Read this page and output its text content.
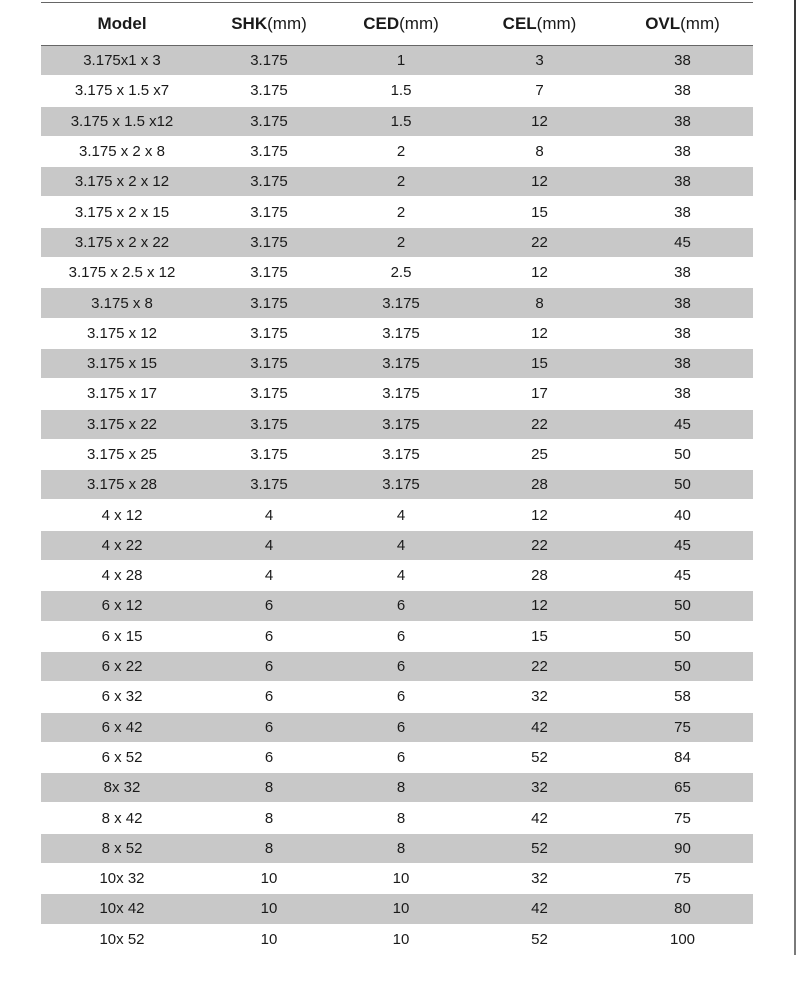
Model	SHK(mm)	CED(mm)	CEL(mm)	OVL(mm)
3.175x1 x 3	3.175	1	3	38
3.175 x 1.5 x7	3.175	1.5	7	38
3.175 x 1.5 x12	3.175	1.5	12	38
3.175 x 2 x 8	3.175	2	8	38
3.175 x 2 x 12	3.175	2	12	38
3.175 x 2 x 15	3.175	2	15	38
3.175 x 2 x 22	3.175	2	22	45
3.175 x 2.5 x 12	3.175	2.5	12	38
3.175 x 8	3.175	3.175	8	38
3.175 x 12	3.175	3.175	12	38
3.175 x 15	3.175	3.175	15	38
3.175 x 17	3.175	3.175	17	38
3.175 x 22	3.175	3.175	22	45
3.175 x 25	3.175	3.175	25	50
3.175 x 28	3.175	3.175	28	50
4 x 12	4	4	12	40
4 x 22	4	4	22	45
4 x 28	4	4	28	45
6 x 12	6	6	12	50
6 x 15	6	6	15	50
6 x 22	6	6	22	50
6 x 32	6	6	32	58
6 x 42	6	6	42	75
6 x 52	6	6	52	84
8x 32	8	8	32	65
8 x 42	8	8	42	75
8 x 52	8	8	52	90
10x 32	10	10	32	75
10x 42	10	10	42	80
10x 52	10	10	52	100
